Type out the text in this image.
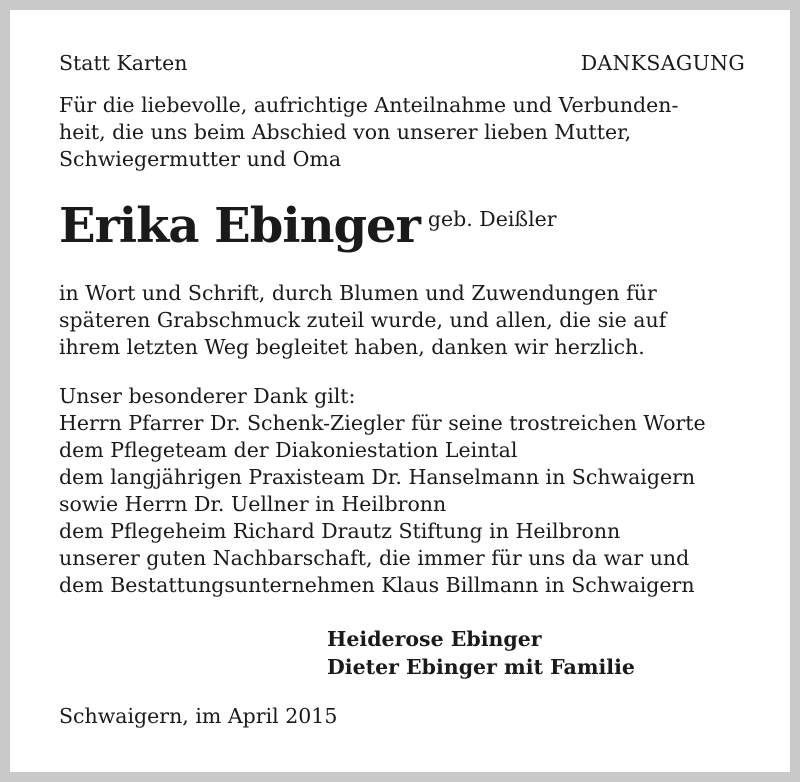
Statt Karten	DANKSAGUNG
Für die liebevolle, aufrichtige Anteilnahme und Verbunden-
heit, die uns beim Abschied von unserer lieben Mutter,
Schwiegermutter und Oma
Erika Ebinger geb. Deißler
in Wort und Schrift, durch Blumen und Zuwendungen für
späteren Grabschmuck zuteil wurde, und allen, die sie auf
ihrem letzten Weg begleitet haben, danken wir herzlich.
Unser besonderer Dank gilt:
Herrn Pfarrer Dr. Schenk-Ziegler für seine trostreichen Worte
dem Pflegeteam der Diakoniestation Leintal
dem langjährigen Praxisteam Dr. Hanselmann in Schwaigern
sowie Herrn Dr. Uellner in Heilbronn
dem Pflegeheim Richard Drautz Stiftung in Heilbronn
unserer guten Nachbarschaft, die immer für uns da war und
dem Bestattungsunternehmen Klaus Billmann in Schwaigern
Heiderose Ebinger
Dieter Ebinger mit Familie
Schwaigern, im April 2015
